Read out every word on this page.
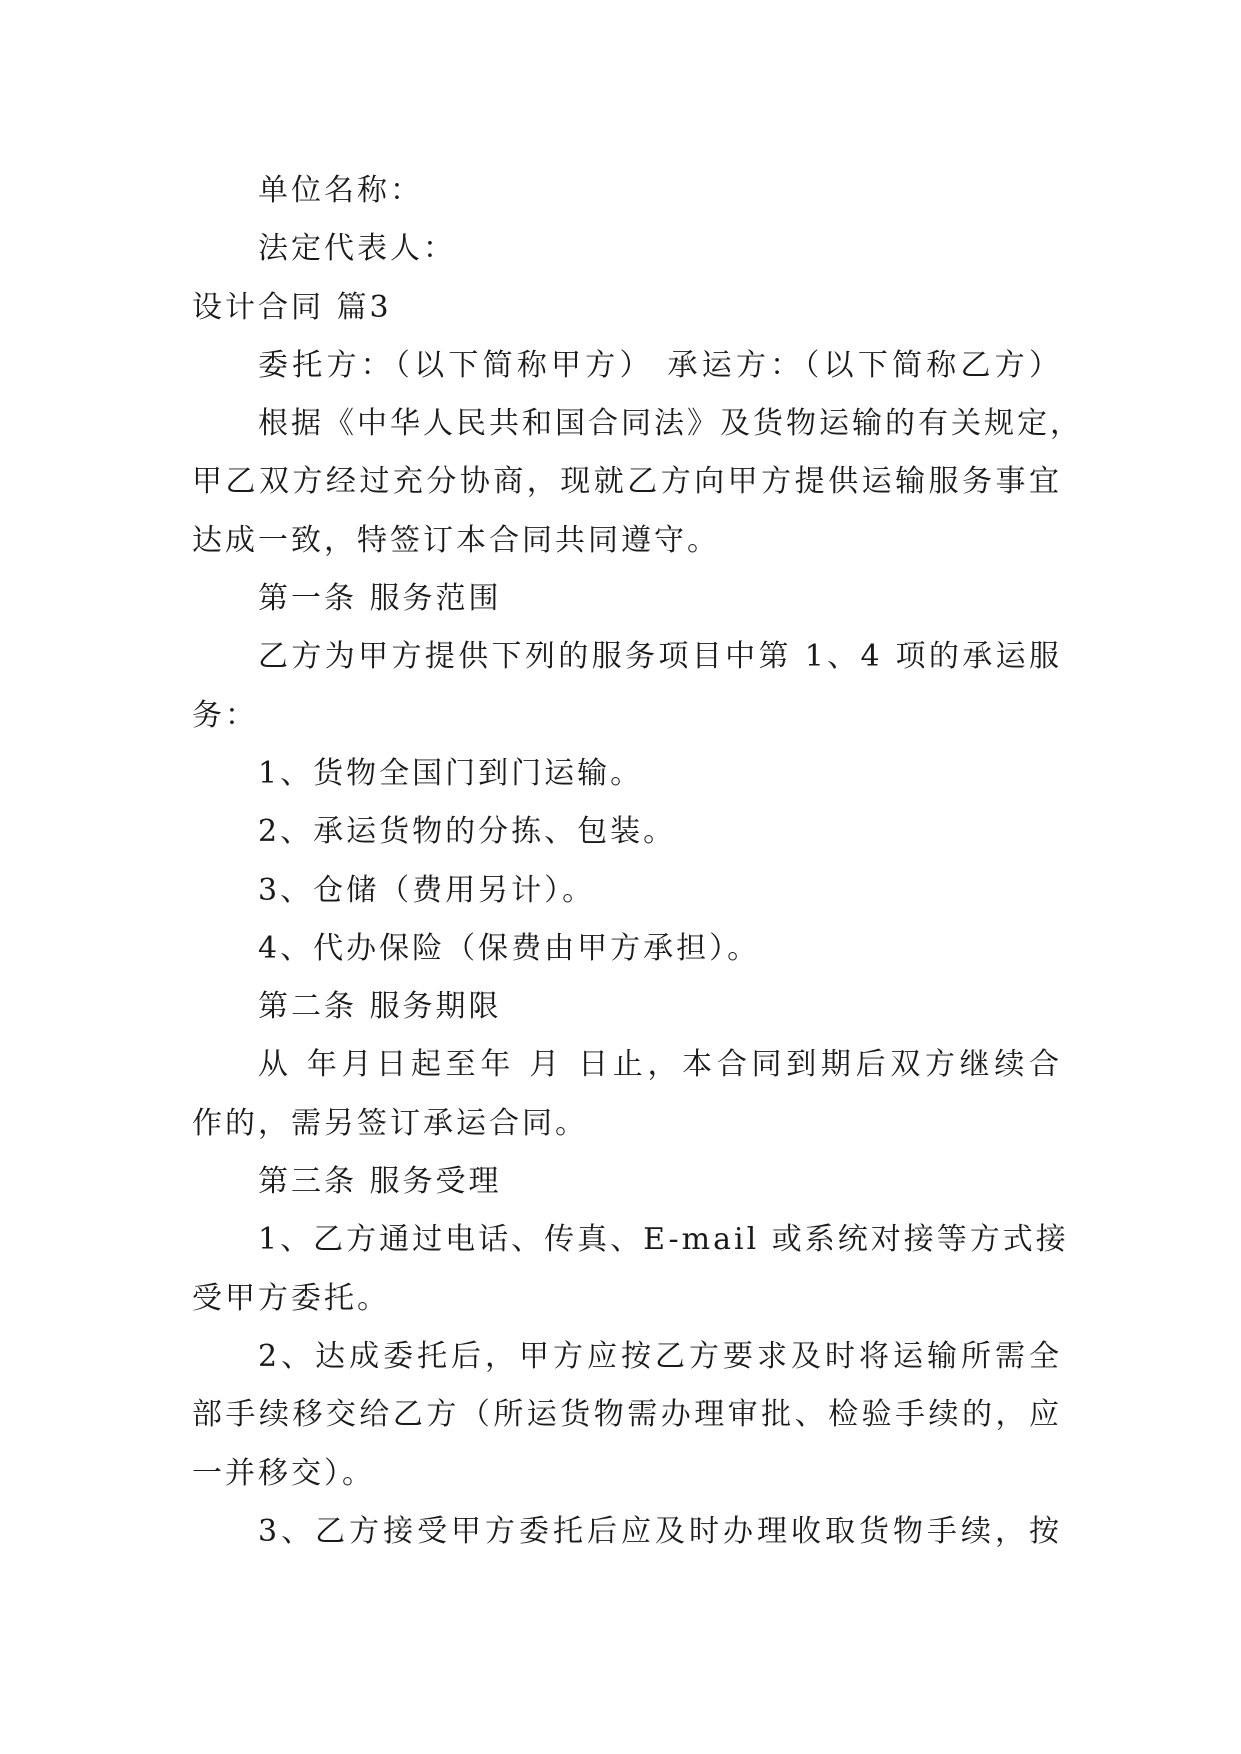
单位名称：
法定代表人：
设计合同 篇3
委托方：（以下简称甲方） 承运方：（以下简称乙方）
根据《中华人民共和国合同法》及货物运输的有关规定，
甲乙双方经过充分协商，现就乙方向甲方提供运输服务事宜
达成一致，特签订本合同共同遵守。
第一条 服务范围
乙方为甲方提供下列的服务项目中第 1、4 项的承运服
务：
1、货物全国门到门运输。
2、承运货物的分拣、包装。
3、仓储（费用另计）。
4、代办保险（保费由甲方承担）。
第二条 服务期限
从 年月日起至年 月 日止，本合同到期后双方继续合
作的，需另签订承运合同。
第三条 服务受理
1、乙方通过电话、传真、E-mail 或系统对接等方式接
受甲方委托。
2、达成委托后，甲方应按乙方要求及时将运输所需全
部手续移交给乙方（所运货物需办理审批、检验手续的，应
一并移交）。
3、乙方接受甲方委托后应及时办理收取货物手续，按
